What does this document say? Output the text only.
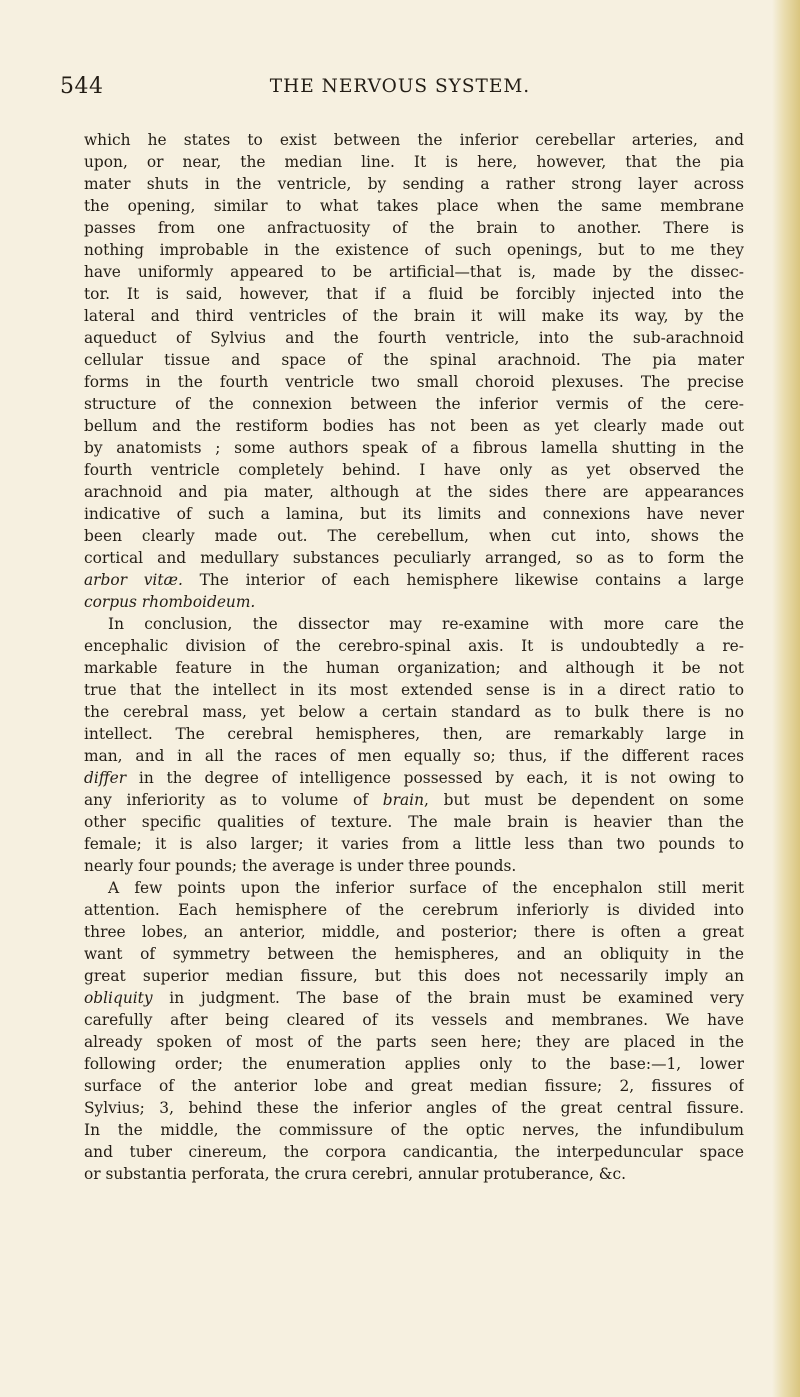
544	THE NERVOUS SYSTEM.
which he states to exist between the inferior cerebellar arteries, and
upon, or near, the median line. It is here, however, that the pia
mater shuts in the ventricle, by sending a rather strong layer across
the opening, similar to what takes place when the same membrane
passes from one anfractuosity of the brain to another. There is
nothing improbable in the existence of such openings, but to me they
have uniformly appeared to be artificial—that is, made by the dissec-
tor. It is said, however, that if a fluid be forcibly injected into the
lateral and third ventricles of the brain it will make its way, by the
aqueduct of Sylvius and the fourth ventricle, into the sub-arachnoid
cellular tissue and space of the spinal arachnoid. The pia mater
forms in the fourth ventricle two small choroid plexuses. The precise
structure of the connexion between the inferior vermis of the cere-
bellum and the restiform bodies has not been as yet clearly made out
by anatomists ; some authors speak of a fibrous lamella shutting in the
fourth ventricle completely behind. I have only as yet observed the
arachnoid and pia mater, although at the sides there are appearances
indicative of such a lamina, but its limits and connexions have never
been clearly made out. The cerebellum, when cut into, shows the
cortical and medullary substances peculiarly arranged, so as to form the
arbor vitæ. The interior of each hemisphere likewise contains a large
corpus rhomboideum.
In conclusion, the dissector may re-examine with more care the
encephalic division of the cerebro-spinal axis. It is undoubtedly a re-
markable feature in the human organization; and although it be not
true that the intellect in its most extended sense is in a direct ratio to
the cerebral mass, yet below a certain standard as to bulk there is no
intellect. The cerebral hemispheres, then, are remarkably large in
man, and in all the races of men equally so; thus, if the different races
differ in the degree of intelligence possessed by each, it is not owing to
any inferiority as to volume of brain, but must be dependent on some
other specific qualities of texture. The male brain is heavier than the
female; it is also larger; it varies from a little less than two pounds to
nearly four pounds; the average is under three pounds.
A few points upon the inferior surface of the encephalon still merit
attention. Each hemisphere of the cerebrum inferiorly is divided into
three lobes, an anterior, middle, and posterior; there is often a great
want of symmetry between the hemispheres, and an obliquity in the
great superior median fissure, but this does not necessarily imply an
obliquity in judgment. The base of the brain must be examined very
carefully after being cleared of its vessels and membranes. We have
already spoken of most of the parts seen here; they are placed in the
following order; the enumeration applies only to the base:—1, lower
surface of the anterior lobe and great median fissure; 2, fissures of
Sylvius; 3, behind these the inferior angles of the great central fissure.
In the middle, the commissure of the optic nerves, the infundibulum
and tuber cinereum, the corpora candicantia, the interpeduncular space
or substantia perforata, the crura cerebri, annular protuberance, &c.
